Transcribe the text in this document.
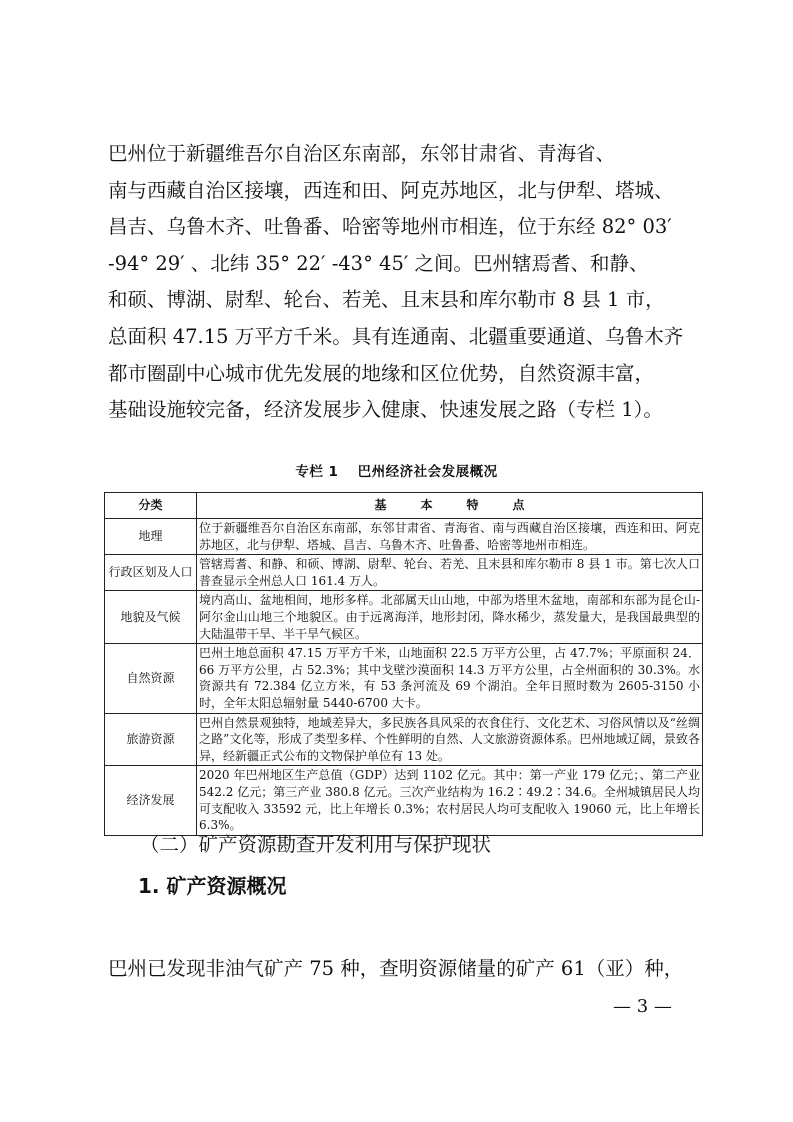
巴州位于新疆维吾尔自治区东南部，东邻甘肃省、青海省、
南与西藏自治区接壤，西连和田、阿克苏地区，北与伊犁、塔城、
昌吉、乌鲁木齐、吐鲁番、哈密等地州市相连，位于东经 82° 03′
-94° 29′ 、北纬 35° 22′ -43° 45′ 之间。巴州辖焉耆、和静、
和硕、博湖、尉犁、轮台、若羌、且末县和库尔勒市 8 县 1 市，
总面积 47.15 万平方千米。具有连通南、北疆重要通道、乌鲁木齐
都市圈副中心城市优先发展的地缘和区位优势，自然资源丰富，
基础设施较完备，经济发展步入健康、快速发展之路（专栏 1）。
专栏 1　 巴州经济社会发展概况
分类	基本特点
地理	位于新疆维吾尔自治区东南部，东邻甘肃省、青海省、南与西藏自治区接壤，西连和田、阿克苏地区，北与伊犁、塔城、昌吉、乌鲁木齐、吐鲁番、哈密等地州市相连。
行政区划及人口	管辖焉耆、和静、和硕、博湖、尉犁、轮台、若羌、且末县和库尔勒市 8 县 1 市。第七次人口普查显示全州总人口 161.4 万人。
地貌及气候	境内高山、盆地相间，地形多样。北部属天山山地，中部为塔里木盆地，南部和东部为昆仑山-阿尔金山山地三个地貌区。由于远离海洋，地形封闭，降水稀少，蒸发量大，是我国最典型的大陆温带干旱、半干旱气候区。
自然资源	巴州土地总面积 47.15 万平方千米，山地面积 22.5 万平方公里，占 47.7%；平原面积 24．66 万平方公里，占 52.3%；其中戈壁沙漠面积 14.3 万平方公里，占全州面积的 30.3%。水资源共有 72.384 亿立方米，有 53 条河流及 69 个湖泊。全年日照时数为 2605-3150 小时，全年太阳总辐射量 5440-6700 大卡。
旅游资源	巴州自然景观独特，地域差异大，多民族各具风采的衣食住行、文化艺术、习俗风情以及“丝绸之路”文化等，形成了类型多样、个性鲜明的自然、人文旅游资源体系。巴州地域辽阔，景致各异，经新疆正式公布的文物保护单位有 13 处。
经济发展	2020 年巴州地区生产总值（GDP）达到 1102 亿元。其中：第一产业 179 亿元；、第二产业 542.2 亿元；第三产业 380.8 亿元。三次产业结构为 16.2∶49.2∶34.6。全州城镇居民人均可支配收入 33592 元，比上年增长 0.3%；农村居民人均可支配收入 19060 元，比上年增长 6.3%。

（二）矿产资源勘查开发利用与保护现状

1. 矿产资源概况

巴州已发现非油气矿产 75 种，查明资源储量的矿产 61（亚）种，
— 3 —
